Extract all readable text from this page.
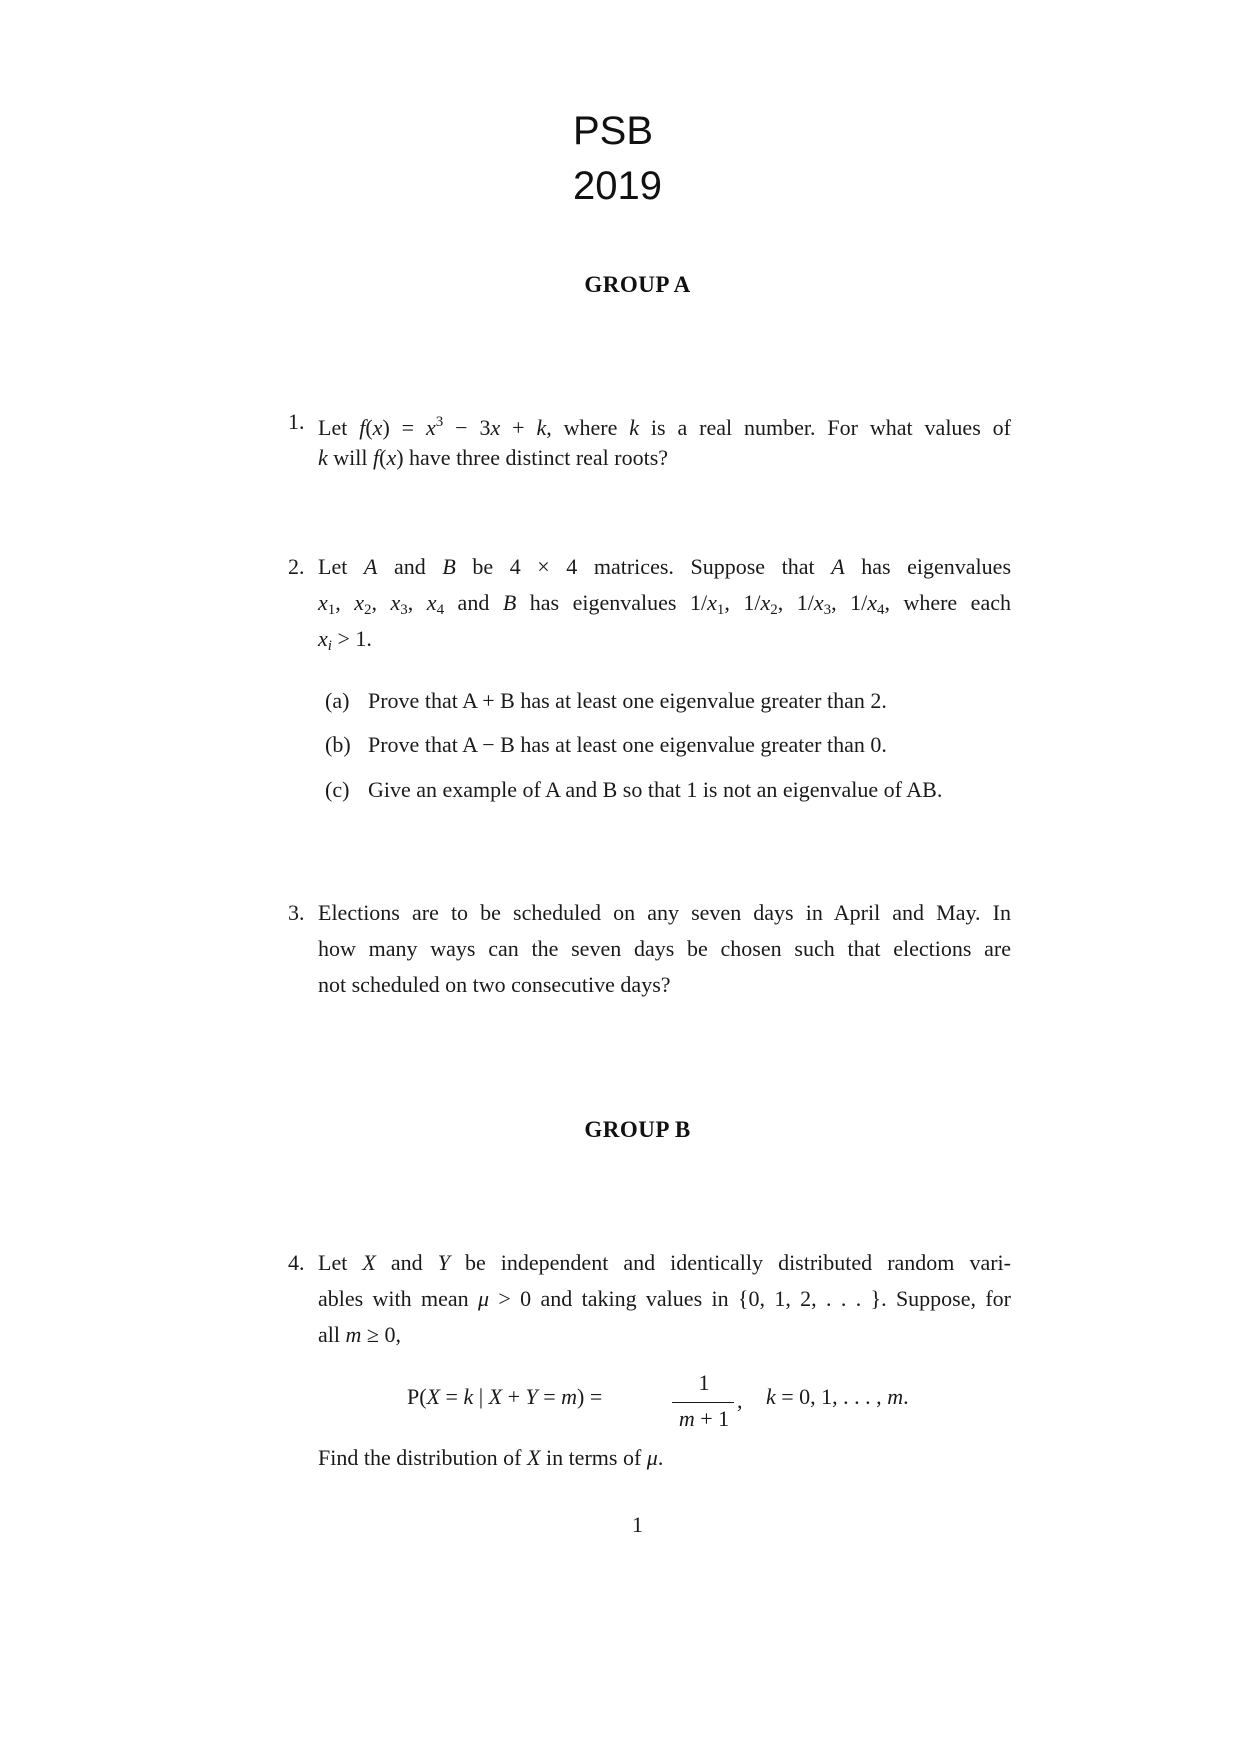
PSB
2019
GROUP A
1. Let $f(x) = x^3 - 3x + k$, where k is a real number. For what values of
k will f(x) have three distinct real roots?
2. Let A and B be 4 × 4 matrices. Suppose that A has eigenvalues
$x_1$, $x_2$, $x_3$, $x_4$ and B has eigenvalues $1/x_1$, $1/x_2$, $1/x_3$, $1/x_4$, where each
xi > 1.
(a) Prove that A + B has at least one eigenvalue greater than 2.
(b) Prove that A − B has at least one eigenvalue greater than 0.
(c) Give an example of A and B so that 1 is not an eigenvalue of AB.
3. Elections are to be scheduled on any seven days in April and May. In
how many ways can the seven days be chosen such that elections are
not scheduled on two consecutive days?
GROUP B
4. Let X and Y be independent and identically distributed random vari-
ables with mean μ > 0 and taking values in {0, 1, 2, . . . }. Suppose, for
all m ≥ 0,
P(X = k | X + Y = m) =
1
m + 1
, k = 0, 1, . . . , m.
Find the distribution of X in terms of μ.
1
